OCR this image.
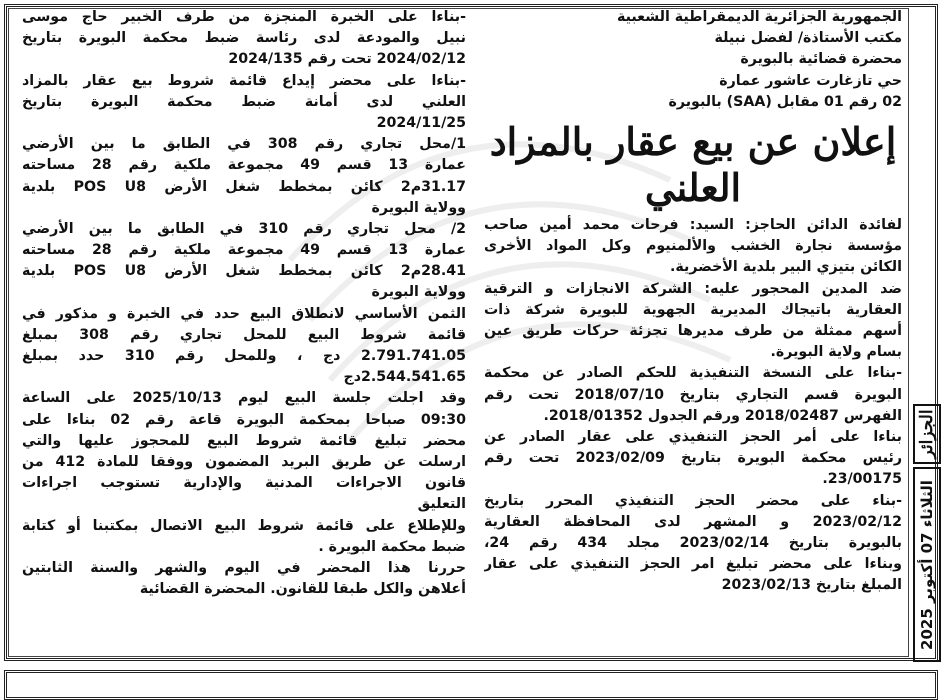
الجمهورية الجزائرية الديمقراطية الشعبية
مكتب الأستاذة/ لفضل نبيلة
محضرة قضائية بالبويرة
حي تازغارت عاشور عمارة
02 رقم 01 مقابل (SAA) بالبويرة
إعلان عن بيع عقار بالمزاد
العلني
لفائدة الدائن الحاجز: السيد: فرحات محمد أمين صاحب
مؤسسة نجارة الخشب والألمنيوم وكل المواد الأخرى
الكائن بتيزي البير بلدية الأخضرية.
ضد المدين المحجور عليه: الشركة الانجازات و الترقية
العقارية باتيجاك المديرية الجهوية للبويرة شركة ذات
أسهم ممثلة من طرف مديرها تجزئة حركات طريق عين
بسام ولاية البويرة.
-بناءا على النسخة التنفيذية للحكم الصادر عن محكمة
البويرة قسم التجاري بتاريخ 2018/07/10 تحت رقم
الفهرس 2018/02487 ورقم الجدول 2018/01352.
بناءا على أمر الحجز التنفيذي على عقار الصادر عن
رئيس محكمة البويرة بتاريخ 2023/02/09 تحت رقم
23/00175.
-بناء على محضر الحجز التنفيذي المحرر بتاريخ
2023/02/12 و المشهر لدى المحافظة العقارية
بالبويرة بتاريخ 2023/02/14 مجلد 434 رقم 24،
وبناءا على محضر تبليغ امر الحجز التنفيذي على عقار
المبلغ بتاريخ 2023/02/13
-بناءا على الخبرة المنجزة من طرف الخبير حاج موسى
نبيل والمودعة لدى رئاسة ضبط محكمة البويرة بتاريخ
2024/02/12 تحت رقم 2024/135
-بناءا على محضر إيداع قائمة شروط بيع عقار بالمزاد
العلني لدى أمانة ضبط محكمة البويرة بتاريخ
2024/11/25
1/محل تجاري رقم 308 في الطابق ما بين الأرضي
عمارة 13 قسم 49 مجموعة ملكية رقم 28 مساحته
31.17م2 كائن بمخطط شغل الأرض POS U8 بلدية
وولاية البويرة
2/ محل تجاري رقم 310 في الطابق ما بين الأرضي
عمارة 13 قسم 49 مجموعة ملكية رقم 28 مساحته
28.41م2 كائن بمخطط شغل الأرض POS U8 بلدية
وولاية البويرة
الثمن الأساسي لانطلاق البيع حدد في الخبرة و مذكور في
قائمة شروط البيع للمحل تجاري رقم 308 بمبلغ
2.791.741.05 دج ، وللمحل رقم 310 حدد بمبلغ
2.544.541.65دج
وقد اجلت جلسة البيع ليوم 2025/10/13 على الساعة
09:30 صباحا بمحكمة البويرة قاعة رقم 02 بناءا على
محضر تبليغ قائمة شروط البيع للمحجوز عليها والتي
ارسلت عن طريق البريد المضمون ووفقا للمادة 412 من
قانون الاجراءات المدنية والإدارية تستوجب اجراءات
التعليق
وللإطلاع على قائمة شروط البيع الاتصال بمكتبنا أو كتابة
ضبط محكمة البويرة .
حررنا هذا المحضر في اليوم والشهر والسنة الثابتين
أعلاهن والكل طبقا للقانون. المحضرة القضائية
الجزائر
الثلاثاء 07 أكتوبر 2025
